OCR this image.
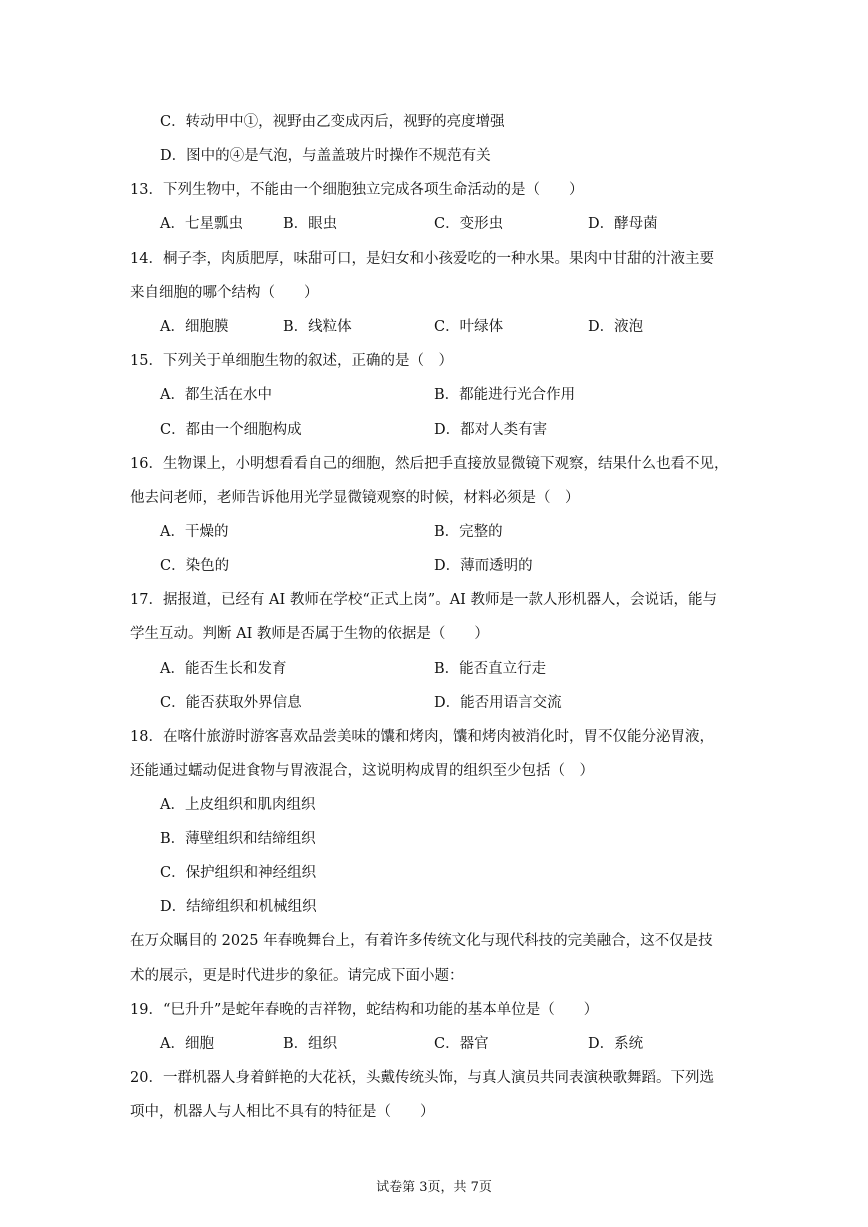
C．转动甲中①，视野由乙变成丙后，视野的亮度增强
D．图中的④是气泡，与盖盖玻片时操作不规范有关
13．下列生物中，不能由一个细胞独立完成各项生命活动的是（　　）
A．七星瓢虫	B．眼虫	C．变形虫	D．酵母菌
14．桐子李，肉质肥厚，味甜可口，是妇女和小孩爱吃的一种水果。果肉中甘甜的汁液主要
来自细胞的哪个结构（　　）
A．细胞膜	B．线粒体	C．叶绿体	D．液泡
15．下列关于单细胞生物的叙述，正确的是（　）
A．都生活在水中	B．都能进行光合作用
C．都由一个细胞构成	D．都对人类有害
16．生物课上，小明想看看自己的细胞，然后把手直接放显微镜下观察，结果什么也看不见，
他去问老师，老师告诉他用光学显微镜观察的时候，材料必须是（　）
A．干燥的	B．完整的
C．染色的	D．薄而透明的
17．据报道，已经有 AI 教师在学校“正式上岗”。AI 教师是一款人形机器人，会说话，能与
学生互动。判断 AI 教师是否属于生物的依据是（　　）
A．能否生长和发育	B．能否直立行走
C．能否获取外界信息	D．能否用语言交流
18．在喀什旅游时游客喜欢品尝美味的馕和烤肉，馕和烤肉被消化时，胃不仅能分泌胃液，
还能通过蠕动促进食物与胃液混合，这说明构成胃的组织至少包括（　）
A．上皮组织和肌肉组织
B．薄壁组织和结缔组织
C．保护组织和神经组织
D．结缔组织和机械组织
在万众瞩目的 2025 年春晚舞台上，有着许多传统文化与现代科技的完美融合，这不仅是技
术的展示，更是时代进步的象征。请完成下面小题：
19．“巳升升”是蛇年春晚的吉祥物，蛇结构和功能的基本单位是（　　）
A．细胞	B．组织	C．器官	D．系统
20．一群机器人身着鲜艳的大花袄，头戴传统头饰，与真人演员共同表演秧歌舞蹈。下列选
项中，机器人与人相比不具有的特征是（　　）
试卷第 3页，共 7页
